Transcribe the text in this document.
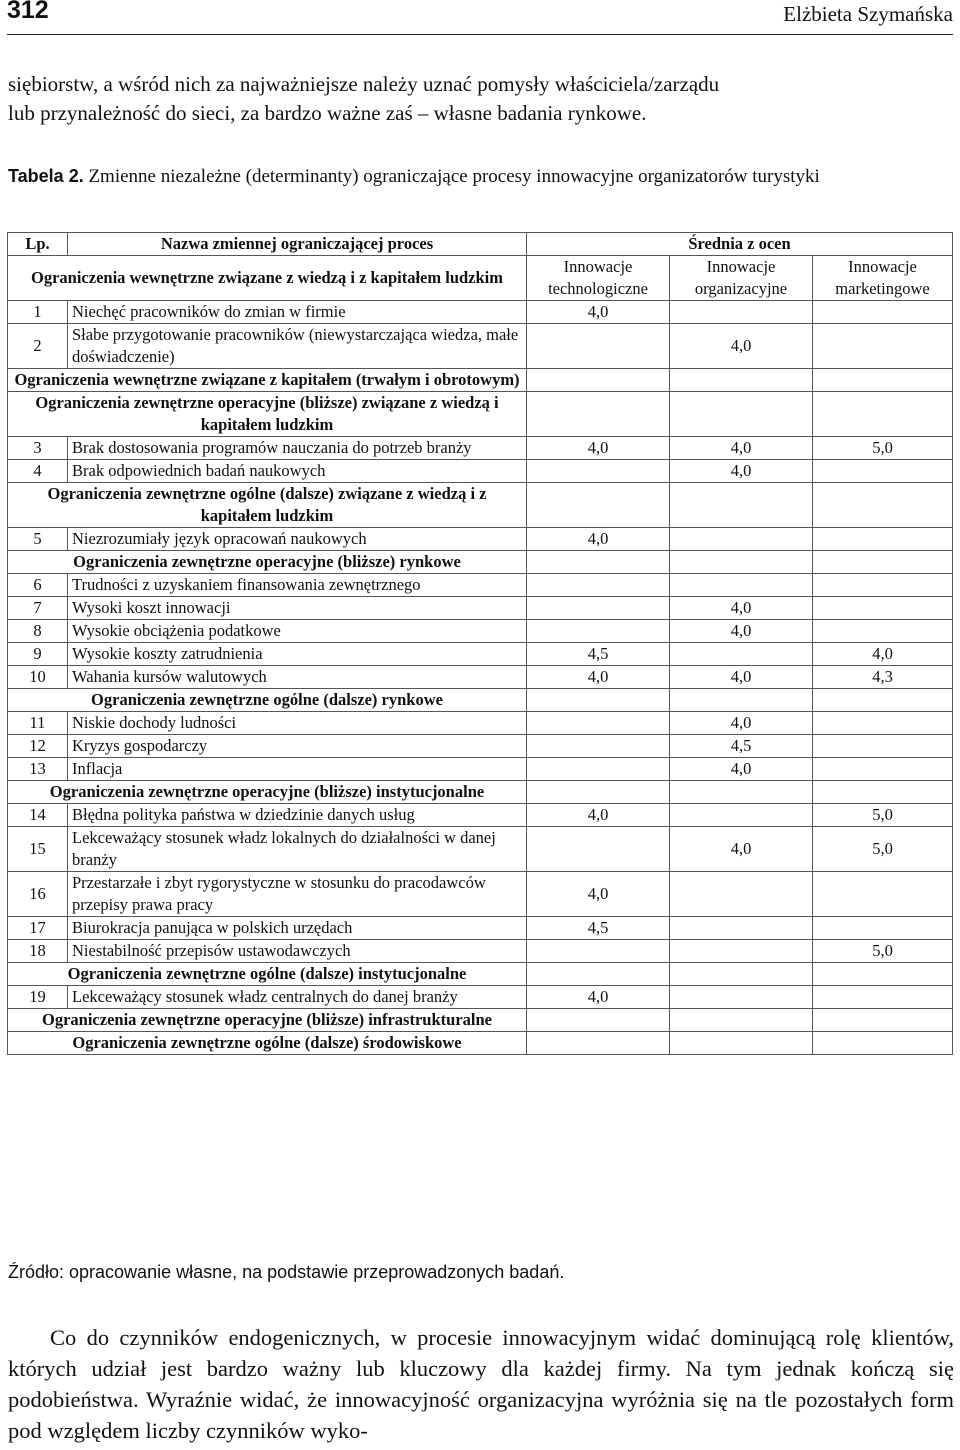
312	Elżbieta Szymańska

siębiorstw, a wśród nich za najważniejsze należy uznać pomysły właściciela/zarządu
lub przynależność do sieci, za bardzo ważne zaś – własne badania rynkowe.

Tabela 2. Zmienne niezależne (determinanty) ograniczające procesy innowacyjne organizatorów turystyki

Lp.	Nazwa zmiennej ograniczającej proces	Średnia z ocen		
Ograniczenia wewnętrzne związane z wiedzą i z kapitałem ludzkim		Innowacje technologiczne	Innowacje organizacyjne	Innowacje marketingowe
1	Niechęć pracowników do zmian w firmie	4,0		
2	Słabe przygotowanie pracowników (niewystarczająca wiedza, małe doświadczenie)		4,0	
Ograniczenia wewnętrzne związane z kapitałem (trwałym i obrotowym)				
Ograniczenia zewnętrzne operacyjne (bliższe) związane z wiedzą i kapitałem ludzkim				
3	Brak dostosowania programów nauczania do potrzeb branży	4,0	4,0	5,0
4	Brak odpowiednich badań naukowych		4,0	
Ograniczenia zewnętrzne ogólne (dalsze) związane z wiedzą i z kapitałem ludzkim				
5	Niezrozumiały język opracowań naukowych	4,0		
Ograniczenia zewnętrzne operacyjne (bliższe) rynkowe				
6	Trudności z uzyskaniem finansowania zewnętrznego			
7	Wysoki koszt innowacji		4,0	
8	Wysokie obciążenia podatkowe		4,0	
9	Wysokie koszty zatrudnienia	4,5		4,0
10	Wahania kursów walutowych	4,0	4,0	4,3
Ograniczenia zewnętrzne ogólne (dalsze) rynkowe				
11	Niskie dochody ludności		4,0	
12	Kryzys gospodarczy		4,5	
13	Inflacja		4,0	
Ograniczenia zewnętrzne operacyjne (bliższe) instytucjonalne				
14	Błędna polityka państwa w dziedzinie danych usług	4,0		5,0
15	Lekceważący stosunek władz lokalnych do działalności w danej branży		4,0	5,0
16	Przestarzałe i zbyt rygorystyczne w stosunku do pracodawców przepisy prawa pracy	4,0		
17	Biurokracja panująca w polskich urzędach	4,5		
18	Niestabilność przepisów ustawodawczych			5,0
Ograniczenia zewnętrzne ogólne (dalsze) instytucjonalne				
19	Lekceważący stosunek władz centralnych do danej branży	4,0		
Ograniczenia zewnętrzne operacyjne (bliższe) infrastrukturalne				
Ograniczenia zewnętrzne ogólne (dalsze) środowiskowe				
Źródło: opracowanie własne, na podstawie przeprowadzonych badań.

Co do czynników endogenicznych, w procesie innowacyjnym widać dominującą rolę klientów, których udział jest bardzo ważny lub kluczowy dla każdej firmy. Na tym jednak kończą się podobieństwa. Wyraźnie widać, że innowacyjność organizacyjna wyróżnia się na tle pozostałych form pod względem liczby czynników wyko-
